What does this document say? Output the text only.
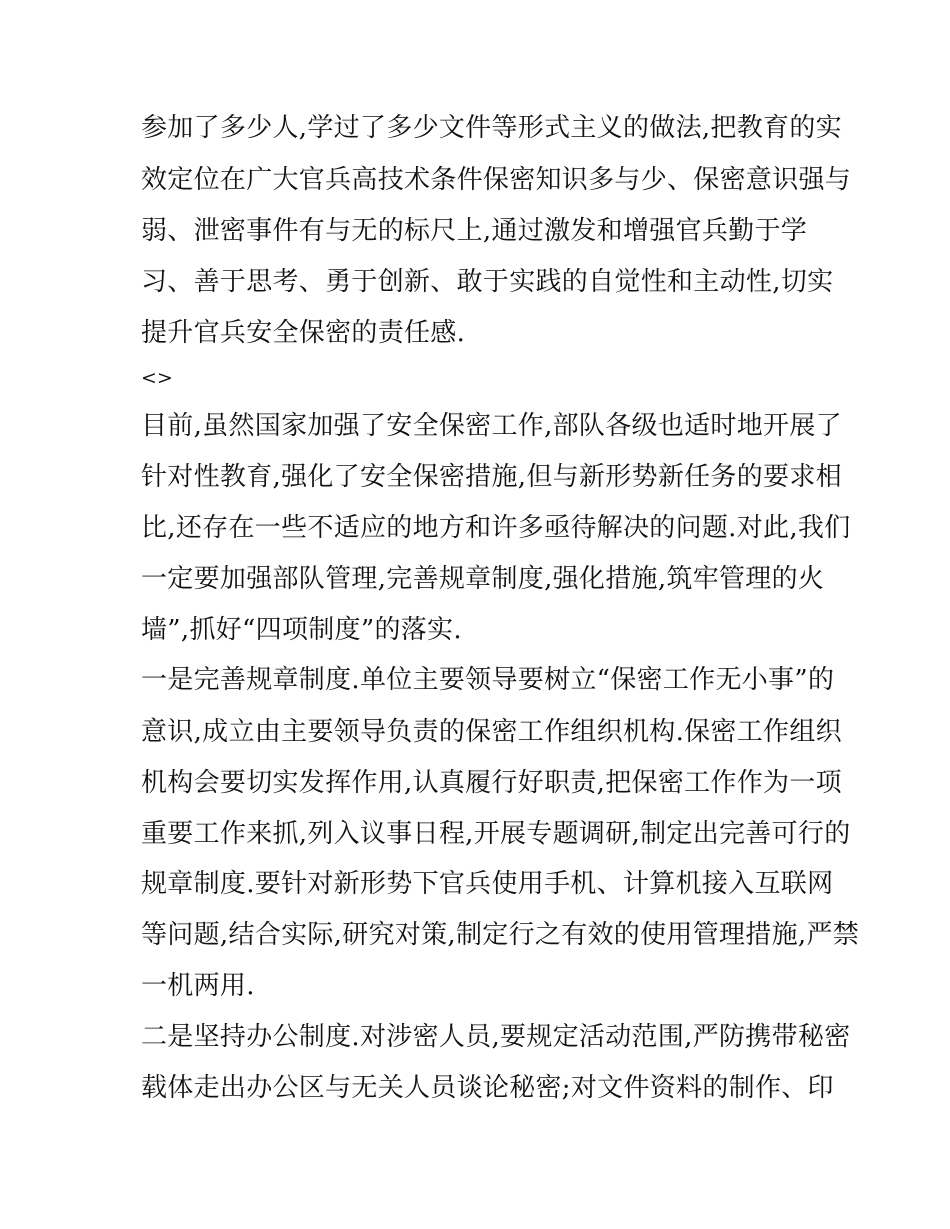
参加了多少人,学过了多少文件等形式主义的做法,把教育的实
效定位在广大官兵高技术条件保密知识多与少、保密意识强与
弱、泄密事件有与无的标尺上,通过激发和增强官兵勤于学
习、善于思考、勇于创新、敢于实践的自觉性和主动性,切实
提升官兵安全保密的责任感.
<>
目前,虽然国家加强了安全保密工作,部队各级也适时地开展了
针对性教育,强化了安全保密措施,但与新形势新任务的要求相
比,还存在一些不适应的地方和许多亟待解决的问题.对此,我们
一定要加强部队管理,完善规章制度,强化措施,筑牢管理的火
墙”,抓好“四项制度”的落实.
一是完善规章制度.单位主要领导要树立“保密工作无小事”的
意识,成立由主要领导负责的保密工作组织机构.保密工作组织
机构会要切实发挥作用,认真履行好职责,把保密工作作为一项
重要工作来抓,列入议事日程,开展专题调研,制定出完善可行的
规章制度.要针对新形势下官兵使用手机、计算机接入互联网
等问题,结合实际,研究对策,制定行之有效的使用管理措施,严禁
一机两用.
二是坚持办公制度.对涉密人员,要规定活动范围,严防携带秘密
载体走出办公区与无关人员谈论秘密;对文件资料的制作、印
